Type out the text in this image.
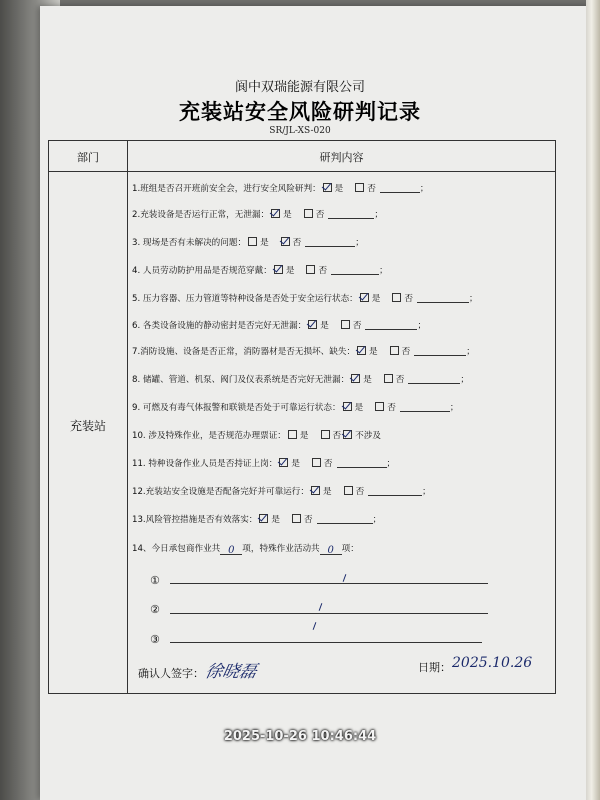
阆中双瑞能源有限公司
充装站安全风险研判记录
SR/JL-XS-020
部门	研判内容
充装站
1.班组是否召开班前安全会，进行安全风险研判： 是	否	；
2.充装设备是否运行正常，无泄漏： 是	否	；
3. 现场是否有未解决的问题： 是	否	；
4. 人员劳动防护用品是否规范穿戴： 是	否	；
5. 压力容器、压力管道等特种设备是否处于安全运行状态： 是	否	；
6. 各类设备设施的静动密封是否完好无泄漏： 是	否	；
7.消防设施、设备是否正常，消防器材是否无损坏、缺失： 是	否	；
8. 储罐、管道、机泵、阀门及仪表系统是否完好无泄漏： 是	否	；
9. 可燃及有毒气体报警和联锁是否处于可靠运行状态： 是	否	；
10. 涉及特殊作业，是否规范办理票证： 是	否 不涉及
11. 特种设备作业人员是否持证上岗： 是	否	；
12.充装站安全设施是否配备完好并可靠运行： 是	否	；
13.风险管控措施是否有效落实： 是	否	；
14、今日承包商作业共 0 项，特殊作业活动共 0 项：
①
②
③
确认人签字： 徐晓磊	日期： 2025.10.26
2025-10-26 10:46:44
